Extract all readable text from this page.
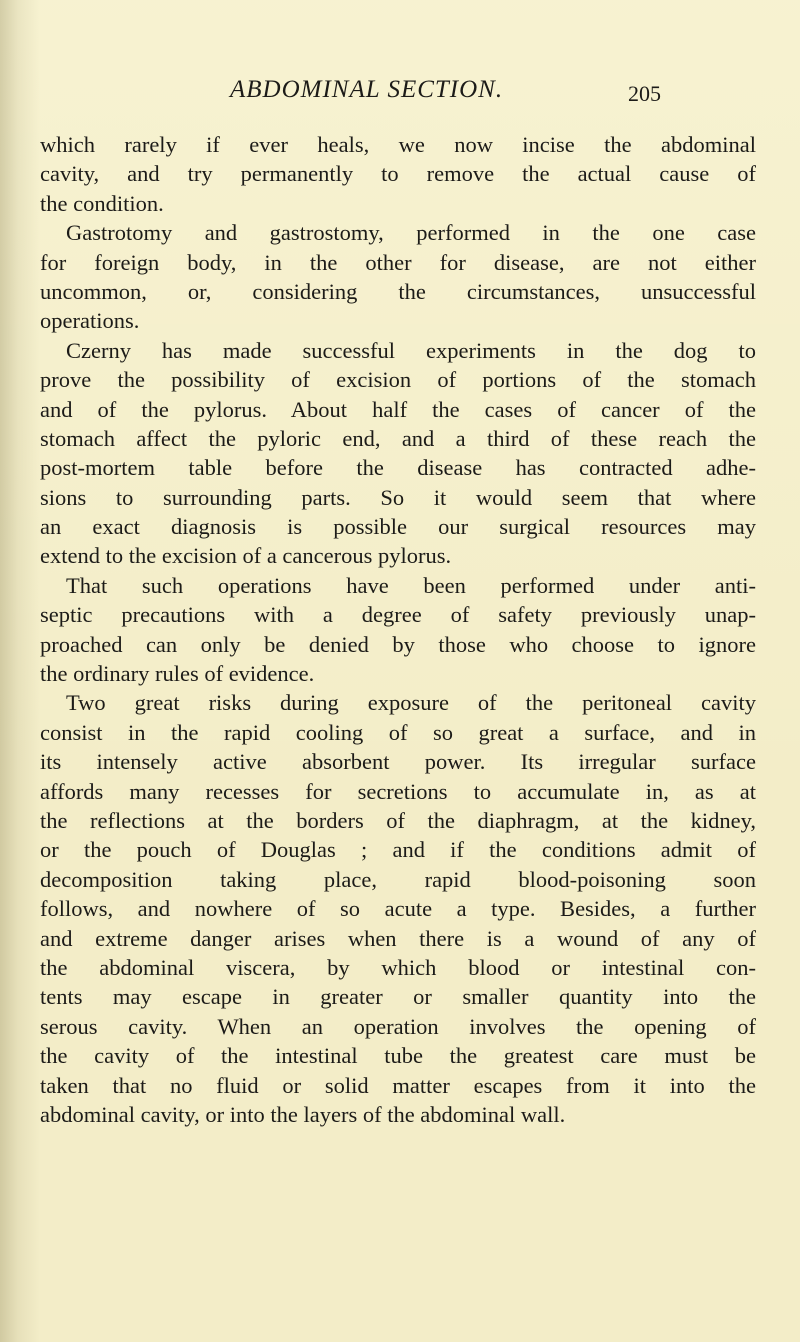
ABDOMINAL SECTION.	205
which rarely if ever heals, we now incise the abdominal
cavity, and try permanently to remove the actual cause of
the condition.
Gastrotomy and gastrostomy, performed in the one case
for foreign body, in the other for disease, are not either
uncommon, or, considering the circumstances, unsuccessful
operations.
Czerny has made successful experiments in the dog to
prove the possibility of excision of portions of the stomach
and of the pylorus. About half the cases of cancer of the
stomach affect the pyloric end, and a third of these reach the
post-mortem table before the disease has contracted adhe-
sions to surrounding parts. So it would seem that where
an exact diagnosis is possible our surgical resources may
extend to the excision of a cancerous pylorus.
That such operations have been performed under anti-
septic precautions with a degree of safety previously unap-
proached can only be denied by those who choose to ignore
the ordinary rules of evidence.
Two great risks during exposure of the peritoneal cavity
consist in the rapid cooling of so great a surface, and in
its intensely active absorbent power. Its irregular surface
affords many recesses for secretions to accumulate in, as at
the reflections at the borders of the diaphragm, at the kidney,
or the pouch of Douglas ; and if the conditions admit of
decomposition taking place, rapid blood-poisoning soon
follows, and nowhere of so acute a type. Besides, a further
and extreme danger arises when there is a wound of any of
the abdominal viscera, by which blood or intestinal con-
tents may escape in greater or smaller quantity into the
serous cavity. When an operation involves the opening of
the cavity of the intestinal tube the greatest care must be
taken that no fluid or solid matter escapes from it into the
abdominal cavity, or into the layers of the abdominal wall.
